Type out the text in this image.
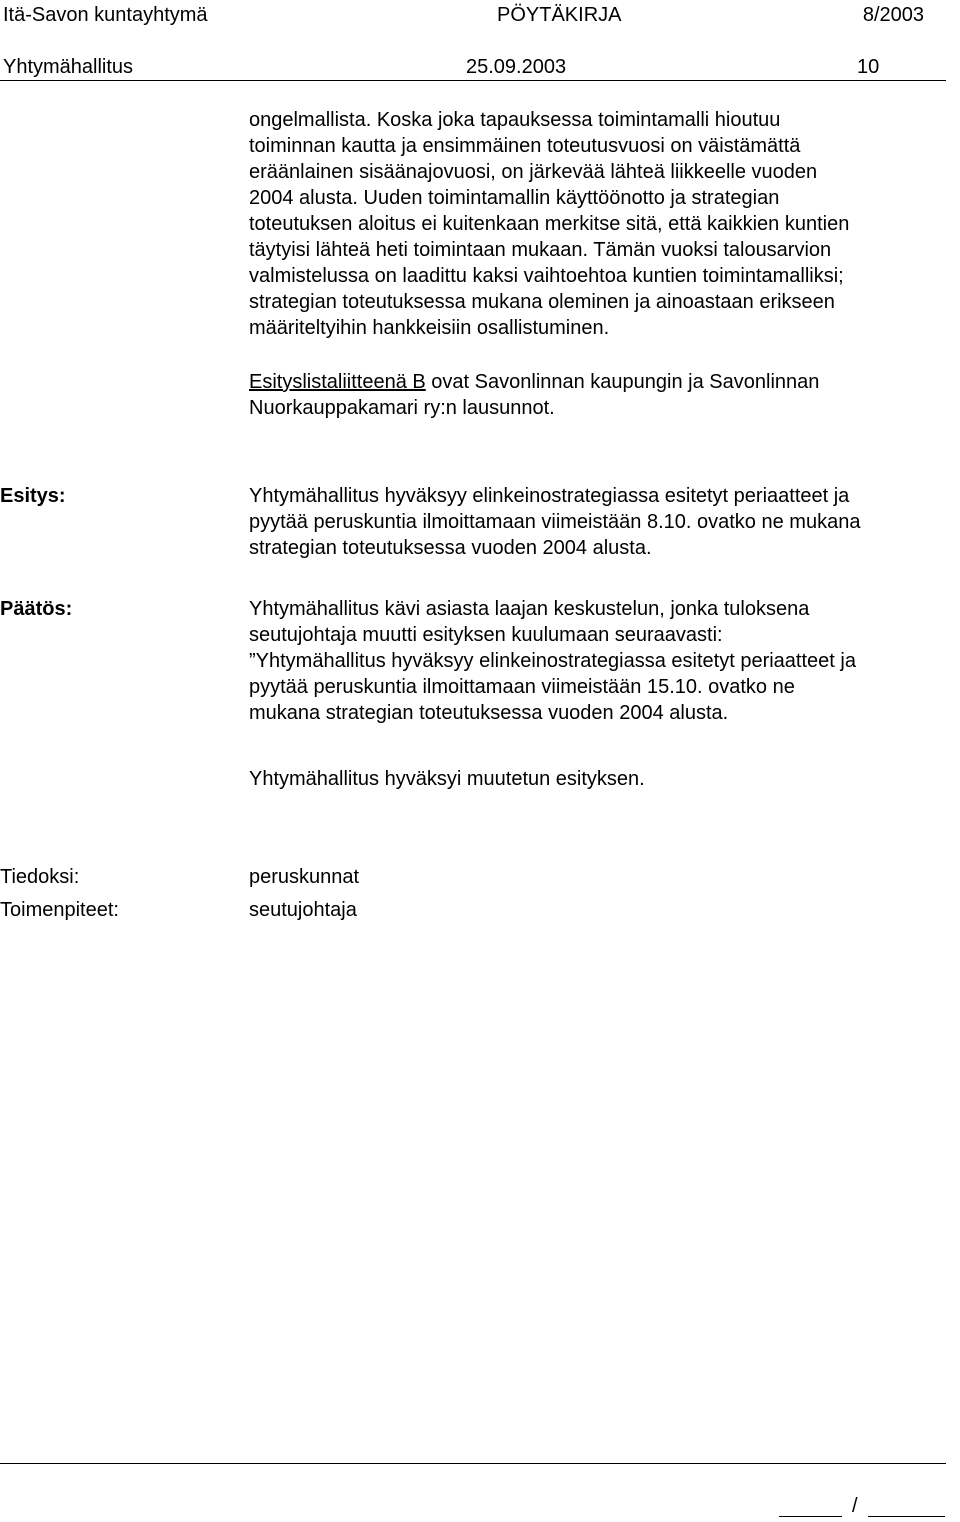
Itä-Savon kuntayhtymä	PÖYTÄKIRJA	8/2003
Yhtymähallitus	25.09.2003	10
ongelmallista. Koska joka tapauksessa toimintamalli hioutuu
toiminnan kautta ja ensimmäinen toteutusvuosi on väistämättä
eräänlainen sisäänajovuosi, on järkevää lähteä liikkeelle vuoden
2004 alusta. Uuden toimintamallin käyttöönotto ja strategian
toteutuksen aloitus ei kuitenkaan merkitse sitä, että kaikkien kuntien
täytyisi lähteä heti toimintaan mukaan. Tämän vuoksi talousarvion
valmistelussa on laadittu kaksi vaihtoehtoa kuntien toimintamalliksi;
strategian toteutuksessa mukana oleminen ja ainoastaan erikseen
määriteltyihin hankkeisiin osallistuminen.
Esityslistaliitteenä B ovat Savonlinnan kaupungin ja Savonlinnan
Nuorkauppakamari ry:n lausunnot.
Esitys:	Yhtymähallitus hyväksyy elinkeinostrategiassa esitetyt periaatteet ja
pyytää peruskuntia ilmoittamaan viimeistään 8.10. ovatko ne mukana
strategian toteutuksessa vuoden 2004 alusta.
Päätös:	Yhtymähallitus kävi asiasta laajan keskustelun, jonka tuloksena
seutujohtaja muutti esityksen kuulumaan seuraavasti:
”Yhtymähallitus hyväksyy elinkeinostrategiassa esitetyt periaatteet ja
pyytää peruskuntia ilmoittamaan viimeistään 15.10. ovatko ne
mukana strategian toteutuksessa vuoden 2004 alusta.
Yhtymähallitus hyväksyi muutetun esityksen.
Tiedoksi:	peruskunnat
Toimenpiteet:	seutujohtaja
/
